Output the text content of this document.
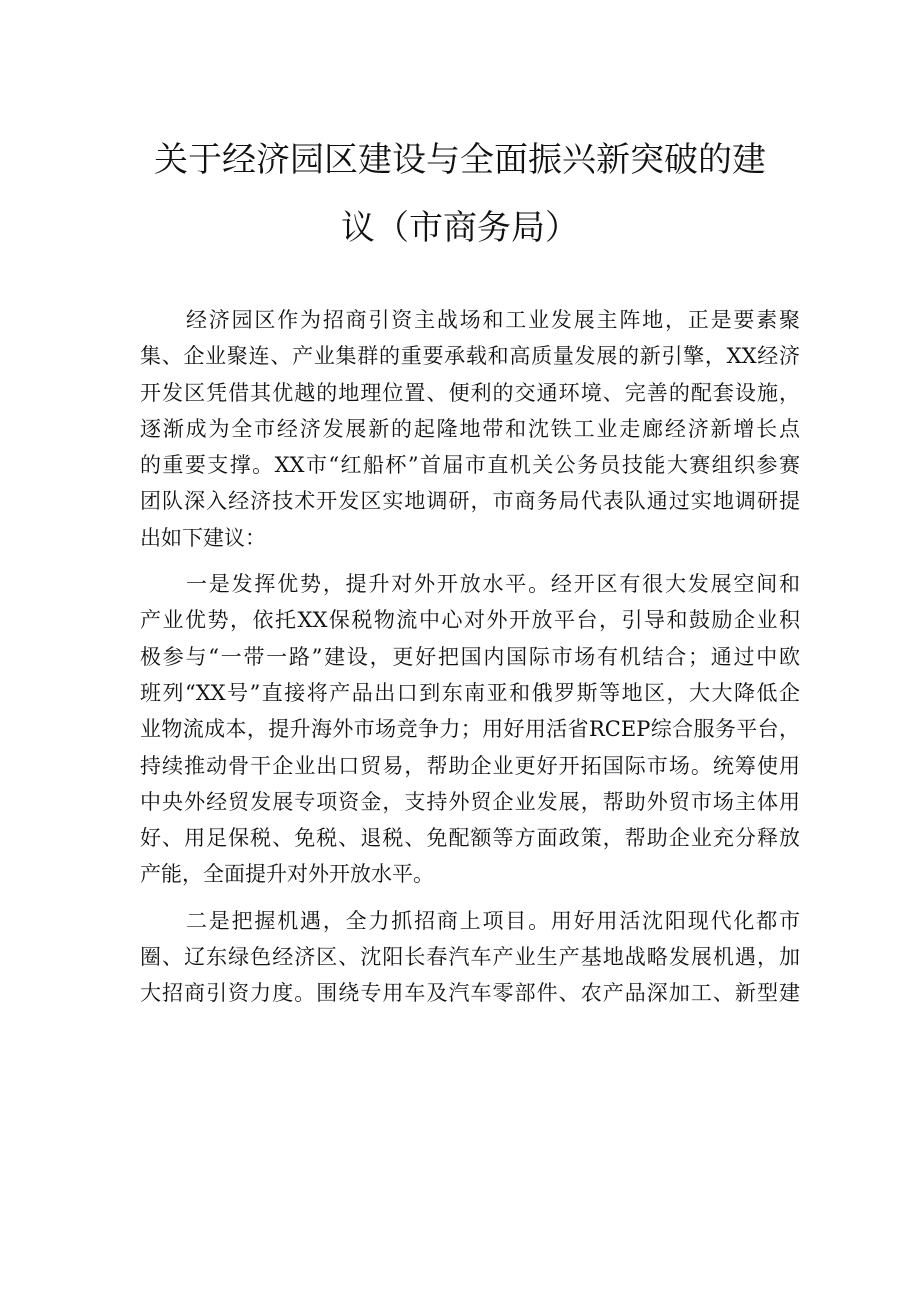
关于经济园区建设与全面振兴新突破的建
议（市商务局）
经济园区作为招商引资主战场和工业发展主阵地，正是要素聚
集、企业聚连、产业集群的重要承载和高质量发展的新引擎，XX经济
开发区凭借其优越的地理位置、便利的交通环境、完善的配套设施，
逐渐成为全市经济发展新的起隆地带和沈铁工业走廊经济新增长点
的重要支撑。XX市“红船杯”首届市直机关公务员技能大赛组织参赛
团队深入经济技术开发区实地调研，市商务局代表队通过实地调研提
出如下建议：
一是发挥优势，提升对外开放水平。经开区有很大发展空间和
产业优势，依托XX保税物流中心对外开放平台，引导和鼓励企业积
极参与“一带一路”建设，更好把国内国际市场有机结合；通过中欧
班列“XX号”直接将产品出口到东南亚和俄罗斯等地区，大大降低企
业物流成本，提升海外市场竞争力；用好用活省RCEP综合服务平台，
持续推动骨干企业出口贸易，帮助企业更好开拓国际市场。统筹使用
中央外经贸发展专项资金，支持外贸企业发展，帮助外贸市场主体用
好、用足保税、免税、退税、免配额等方面政策，帮助企业充分释放
产能，全面提升对外开放水平。
二是把握机遇，全力抓招商上项目。用好用活沈阳现代化都市
圈、辽东绿色经济区、沈阳长春汽车产业生产基地战略发展机遇，加
大招商引资力度。围绕专用车及汽车零部件、农产品深加工、新型建
